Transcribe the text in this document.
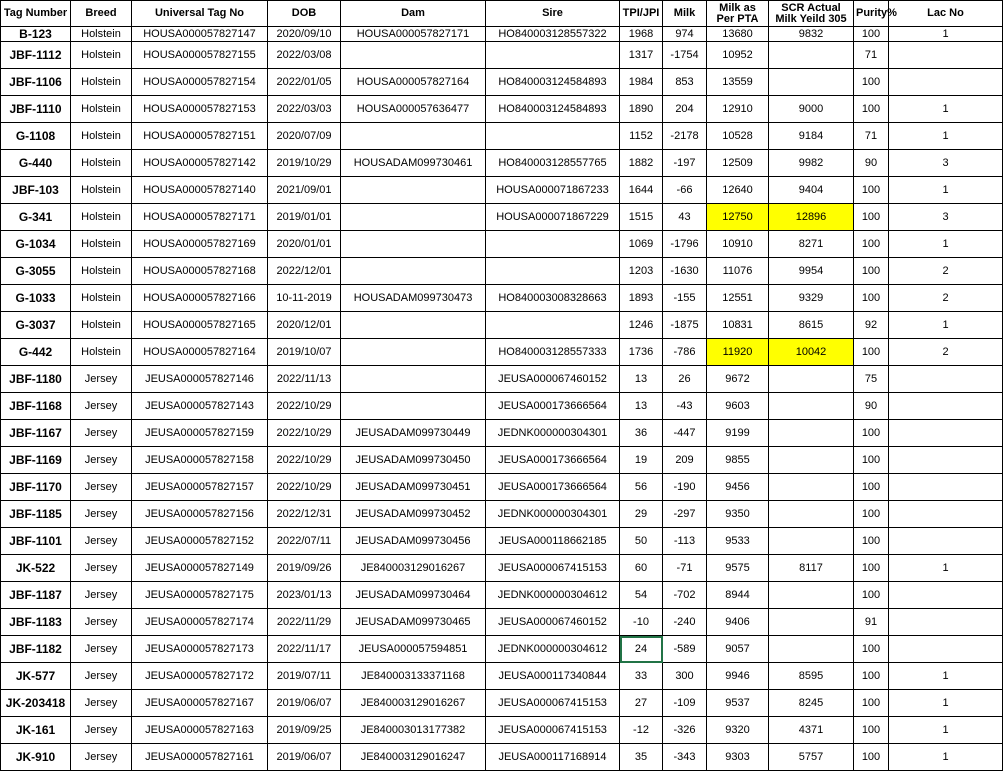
Tag Number	Breed	Universal Tag No	DOB	Dam	Sire	TPI/JPI	Milk	Milk as Per PTA	SCR Actual Milk Yeild 305	Purity%	Lac No
B-123	Holstein	HOUSA000057827147	2020/09/10	HOUSA000057827171	HO840003128557322	1968	974	13680	9832	100	1
JBF-1112	Holstein	HOUSA000057827155	2022/03/08			1317	-1754	10952		71	
JBF-1106	Holstein	HOUSA000057827154	2022/01/05	HOUSA000057827164	HO840003124584893	1984	853	13559		100	
JBF-1110	Holstein	HOUSA000057827153	2022/03/03	HOUSA000057636477	HO840003124584893	1890	204	12910	9000	100	1
G-1108	Holstein	HOUSA000057827151	2020/07/09			1152	-2178	10528	9184	71	1
G-440	Holstein	HOUSA000057827142	2019/10/29	HOUSADAM099730461	HO840003128557765	1882	-197	12509	9982	90	3
JBF-103	Holstein	HOUSA000057827140	2021/09/01		HOUSA000071867233	1644	-66	12640	9404	100	1
G-341	Holstein	HOUSA000057827171	2019/01/01		HOUSA000071867229	1515	43	12750	12896	100	3
G-1034	Holstein	HOUSA000057827169	2020/01/01			1069	-1796	10910	8271	100	1
G-3055	Holstein	HOUSA000057827168	2022/12/01			1203	-1630	11076	9954	100	2
G-1033	Holstein	HOUSA000057827166	10-11-2019	HOUSADAM099730473	HO840003008328663	1893	-155	12551	9329	100	2
G-3037	Holstein	HOUSA000057827165	2020/12/01			1246	-1875	10831	8615	92	1
G-442	Holstein	HOUSA000057827164	2019/10/07		HO840003128557333	1736	-786	11920	10042	100	2
JBF-1180	Jersey	JEUSA000057827146	2022/11/13		JEUSA000067460152	13	26	9672		75	
JBF-1168	Jersey	JEUSA000057827143	2022/10/29		JEUSA000173666564	13	-43	9603		90	
JBF-1167	Jersey	JEUSA000057827159	2022/10/29	JEUSADAM099730449	JEDNK000000304301	36	-447	9199		100	
JBF-1169	Jersey	JEUSA000057827158	2022/10/29	JEUSADAM099730450	JEUSA000173666564	19	209	9855		100	
JBF-1170	Jersey	JEUSA000057827157	2022/10/29	JEUSADAM099730451	JEUSA000173666564	56	-190	9456		100	
JBF-1185	Jersey	JEUSA000057827156	2022/12/31	JEUSADAM099730452	JEDNK000000304301	29	-297	9350		100	
JBF-1101	Jersey	JEUSA000057827152	2022/07/11	JEUSADAM099730456	JEUSA000118662185	50	-113	9533		100	
JK-522	Jersey	JEUSA000057827149	2019/09/26	JE840003129016267	JEUSA000067415153	60	-71	9575	8117	100	1
JBF-1187	Jersey	JEUSA000057827175	2023/01/13	JEUSADAM099730464	JEDNK000000304612	54	-702	8944		100	
JBF-1183	Jersey	JEUSA000057827174	2022/11/29	JEUSADAM099730465	JEUSA000067460152	-10	-240	9406		91	
JBF-1182	Jersey	JEUSA000057827173	2022/11/17	JEUSA000057594851	JEDNK000000304612	24	-589	9057		100	
JK-577	Jersey	JEUSA000057827172	2019/07/11	JE840003133371168	JEUSA000117340844	33	300	9946	8595	100	1
JK-203418	Jersey	JEUSA000057827167	2019/06/07	JE840003129016267	JEUSA000067415153	27	-109	9537	8245	100	1
JK-161	Jersey	JEUSA000057827163	2019/09/25	JE840003013177382	JEUSA000067415153	-12	-326	9320	4371	100	1
JK-910	Jersey	JEUSA000057827161	2019/06/07	JE840003129016247	JEUSA000117168914	35	-343	9303	5757	100	1
